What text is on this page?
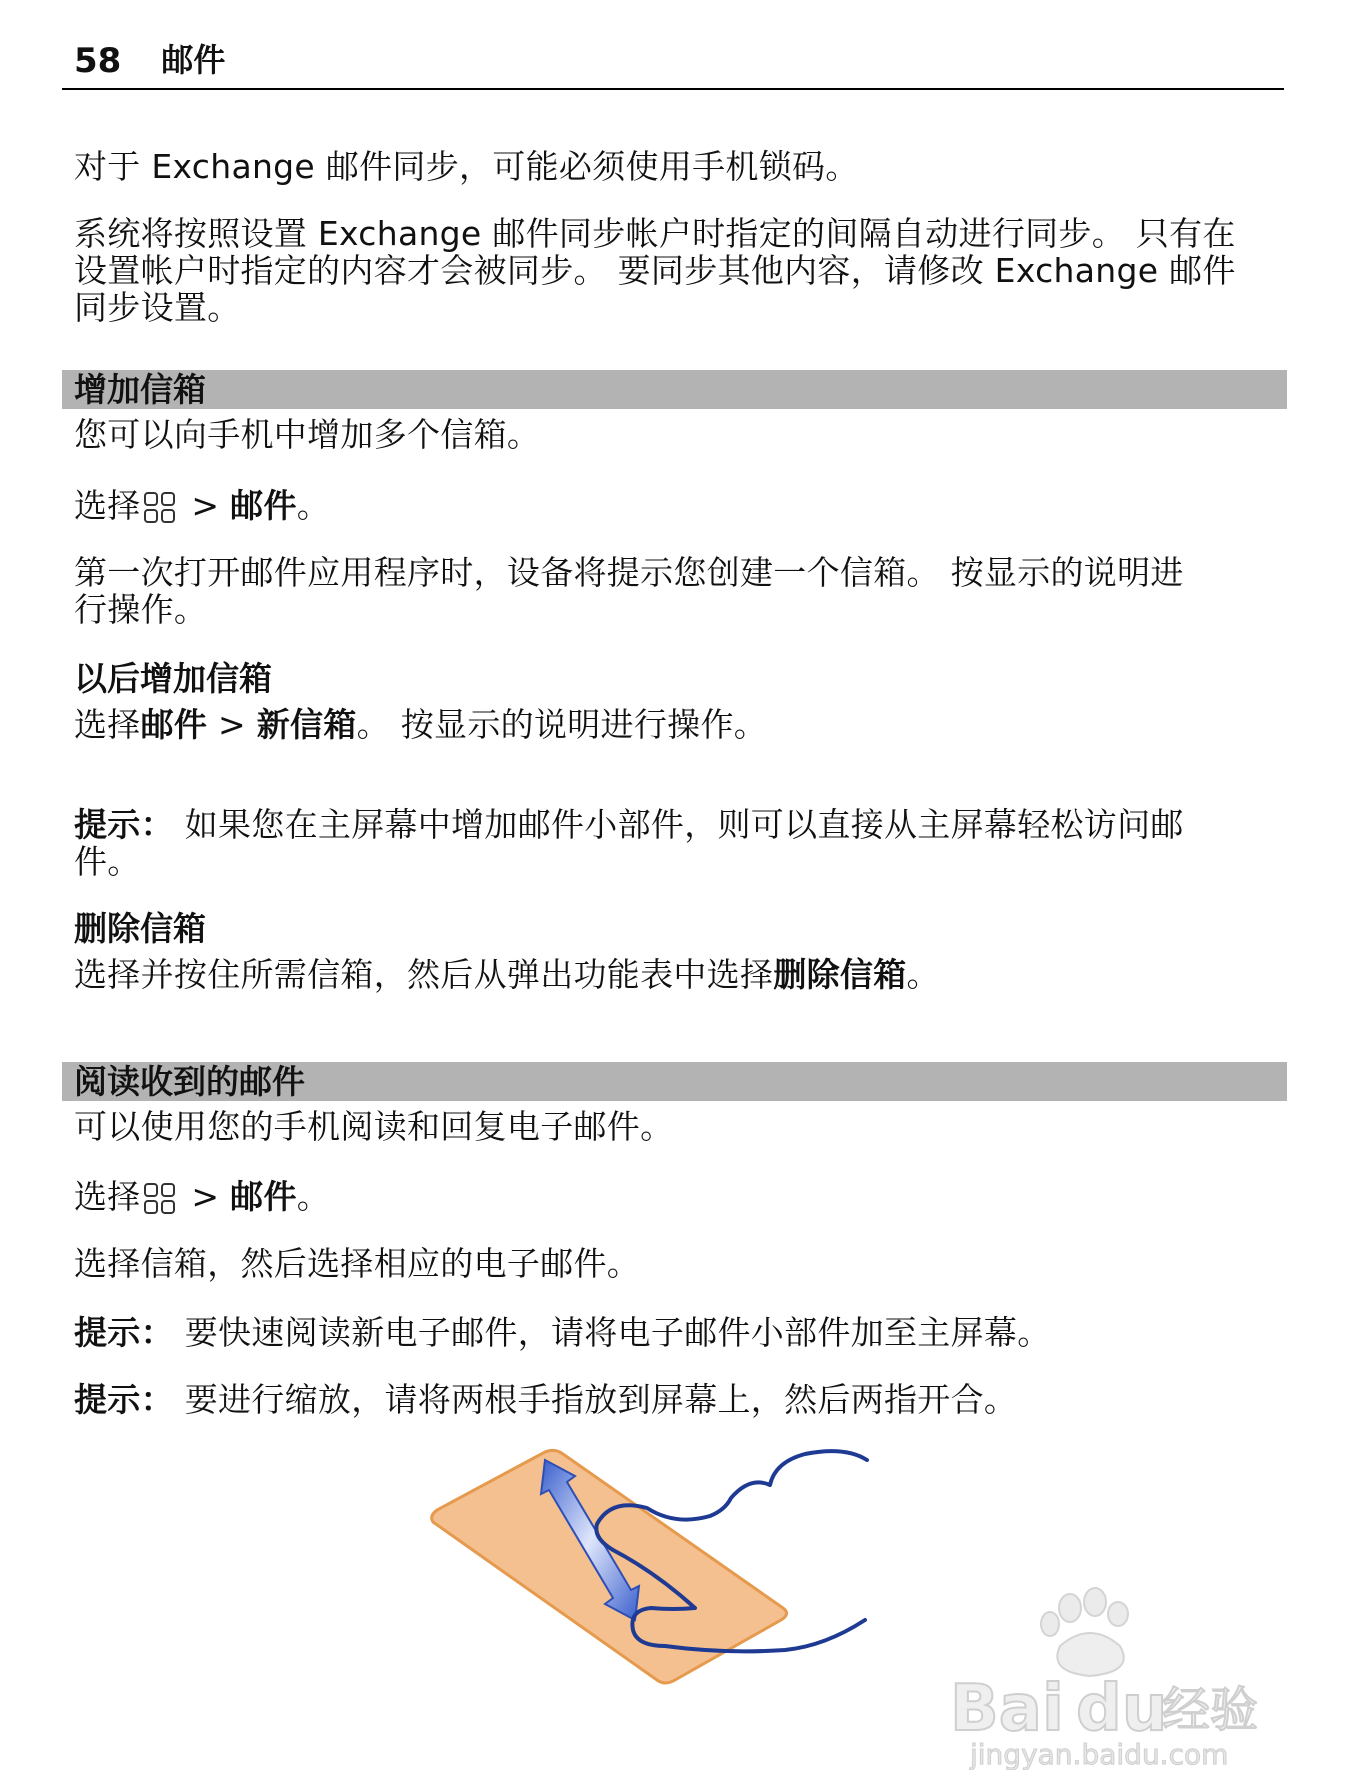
58 邮件

对于 Exchange 邮件同步，可能必须使用手机锁码。

系统将按照设置 Exchange 邮件同步帐户时指定的间隔自动进行同步。 只有在
设置帐户时指定的内容才会被同步。 要同步其他内容，请修改 Exchange 邮件
同步设置。
增加信箱

您可以向手机中增加多个信箱。

选择 > 邮件。

第一次打开邮件应用程序时，设备将提示您创建一个信箱。 按显示的说明进
行操作。

以后增加信箱

选择邮件 > 新信箱。 按显示的说明进行操作。

提示： 如果您在主屏幕中增加邮件小部件，则可以直接从主屏幕轻松访问邮
件。

删除信箱

选择并按住所需信箱，然后从弹出功能表中选择删除信箱。

阅读收到的邮件

可以使用您的手机阅读和回复电子邮件。

选择 > 邮件。

选择信箱，然后选择相应的电子邮件。

提示： 要快速阅读新电子邮件，请将电子邮件小部件加至主屏幕。

提示： 要进行缩放，请将两根手指放到屏幕上，然后两指开合。

Bai du
经验
jingyan.baidu.com
